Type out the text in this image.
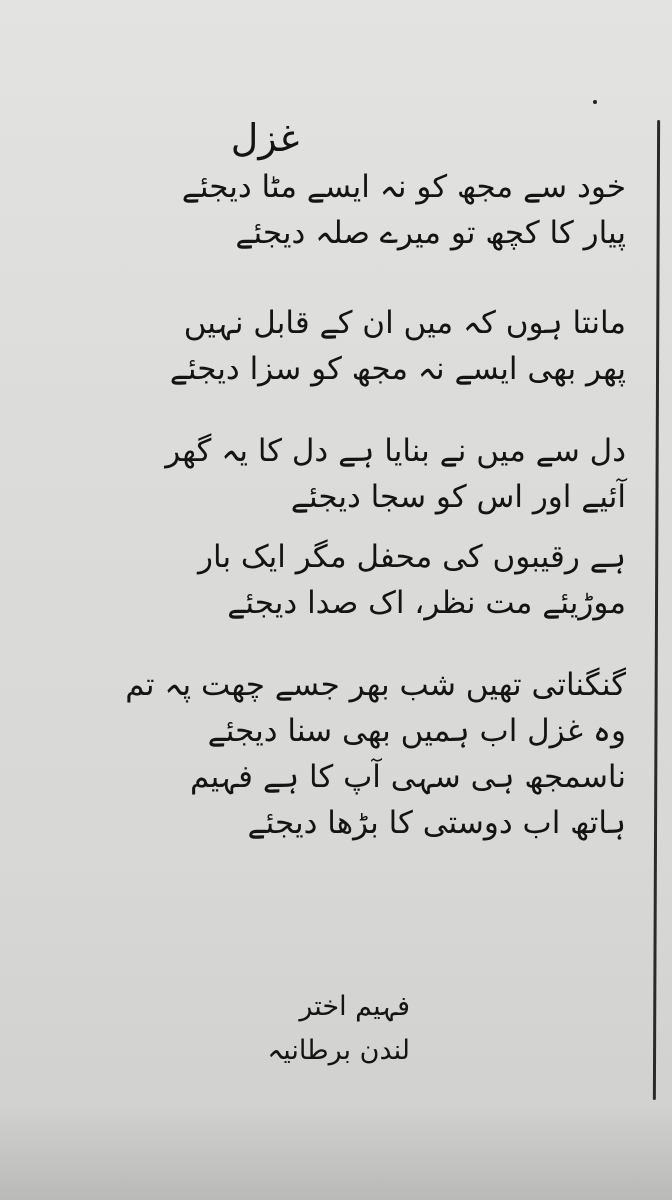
غزل
خود سے مجھ کو نہ ایسے مٹا دیجئے
پیار کا کچھ تو میرے صلہ دیجئے
مانتا ہوں کہ میں ان کے قابل نہیں
پھر بھی ایسے نہ مجھ کو سزا دیجئے
دل سے میں نے بنایا ہے دل کا یہ گھر
آئیے اور اس کو سجا دیجئے
ہے رقیبوں کی محفل مگر ایک بار
موڑیئے مت نظر، اک صدا دیجئے
گنگناتی تھیں شب بھر جسے چھت پہ تم
وہ غزل اب ہمیں بھی سنا دیجئے
ناسمجھ ہی سہی آپ کا ہے فہیم
ہاتھ اب دوستی کا بڑھا دیجئے
فہیم اختر
لندن برطانیہ
